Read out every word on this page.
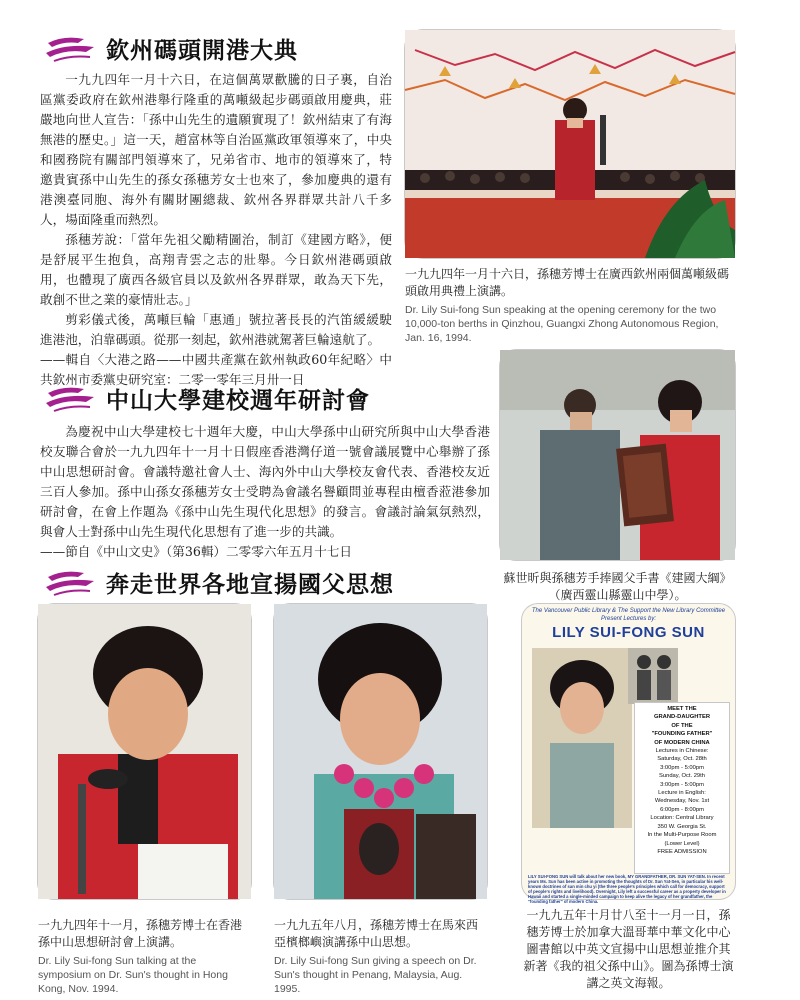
欽州碼頭開港大典

一九九四年一月十六日，在這個萬眾歡騰的日子裏，自治區黨委政府在欽州港舉行隆重的萬噸級起步碼頭啟用慶典，莊嚴地向世人宣告：「孫中山先生的遺願實現了！欽州結束了有海無港的歷史。」這一天，趙富林等自治區黨政軍領導來了，中央和國務院有關部門領導來了，兄弟省市、地市的領導來了，特邀貴賓孫中山先生的孫女孫穗芳女士也來了，參加慶典的還有港澳臺同胞、海外有關財團總裁、欽州各界群眾共計八千多人，場面隆重而熱烈。

孫穗芳說：「當年先祖父勵精圖治，制訂《建國方略》，便是舒展平生抱負，高翔青雲之志的壯舉。今日欽州港碼頭啟用，也體現了廣西各級官員以及欽州各界群眾，敢為天下先，敢創不世之業的豪情壯志。」

剪彩儀式後，萬噸巨輪「惠通」號拉著長長的汽笛緩緩駛進港池，泊靠碼頭。從那一刻起，欽州港就駕著巨輪遠航了。

——輯自〈大港之路——中國共產黨在欽州執政60年紀略〉中共欽州市委黨史研究室：二零一零年三月卅一日

一九九四年一月十六日，孫穗芳博士在廣西欽州兩個萬噸級碼頭啟用典禮上演講。

Dr. Lily Sui-fong Sun speaking at the opening ceremony for the two 10,000-ton berths in Qinzhou, Guangxi Zhong Autonomous Region, Jan. 16, 1994.

中山大學建校週年研討會

為慶祝中山大學建校七十週年大慶，中山大學孫中山研究所與中山大學香港校友聯合會於一九九四年十一月十日假座香港灣仔道一號會議展覽中心舉辦了孫中山思想研討會。會議特邀社會人士、海內外中山大學校友會代表、香港校友近三百人參加。孫中山孫女孫穗芳女士受聘為會議名譽顧問並專程由檀香蒞港參加研討會，在會上作題為《孫中山先生現代化思想》的發言。會議討論氣氛熱烈，與會人士對孫中山先生現代化思想有了進一步的共識。

——節自《中山文史》（第36輯）二零零六年五月十七日

蘇世昕與孫穗芳手捧國父手書《建國大綱》（廣西靈山縣靈山中學）。

奔走世界各地宣揚國父思想

一九九四年十一月，孫穗芳博士在香港孫中山思想研討會上演講。

Dr. Lily Sui-fong Sun talking at the symposium on Dr. Sun's thought in Hong Kong, Nov. 1994.

一九九五年八月，孫穗芳博士在馬來西亞檳榔嶼演講孫中山思想。

Dr. Lily Sui-fong Sun giving a speech on Dr. Sun's thought in Penang, Malaysia, Aug. 1995.

The Vancouver Public Library & The Support the New Library Committee
Present Lectures by:
LILY SUI-FONG SUN
MEET THE
GRAND-DAUGHTER
OF THE
"FOUNDING FATHER"
OF MODERN CHINA
Lectures in Chinese:
Saturday, Oct. 28th
3:00pm - 5:00pm
Sunday, Oct. 29th
3:00pm - 5:00pm
Lecture in English:
Wednesday, Nov. 1st
6:00pm - 8:00pm
Location: Central Library
350 W. Georgia St.
In the Multi-Purpose Room
(Lower Level)
FREE ADMISSION
LILY SUI-FONG SUN will talk about her new book, MY GRANDFATHER, DR. SUN YAT-SEN. In recent years Ms. Sun has been active in promoting the thoughts of Dr. Sun Yat-Sen, in particular his well-known doctrines of san min chu yi (the three people's principles which call for democracy, support of people's rights and livelihood). Overnight, Lily left a successful career as a property developer in Hawaii and started a single-minded campaign to keep alive the legacy of her grandfather, the "founding father" of modern China.

一九九五年十月廿八至十一月一日，孫穗芳博士於加拿大溫哥華中華文化中心圖書館以中英文宣揚中山思想並推介其新著《我的祖父孫中山》。圖為孫博士演講之英文海報。
